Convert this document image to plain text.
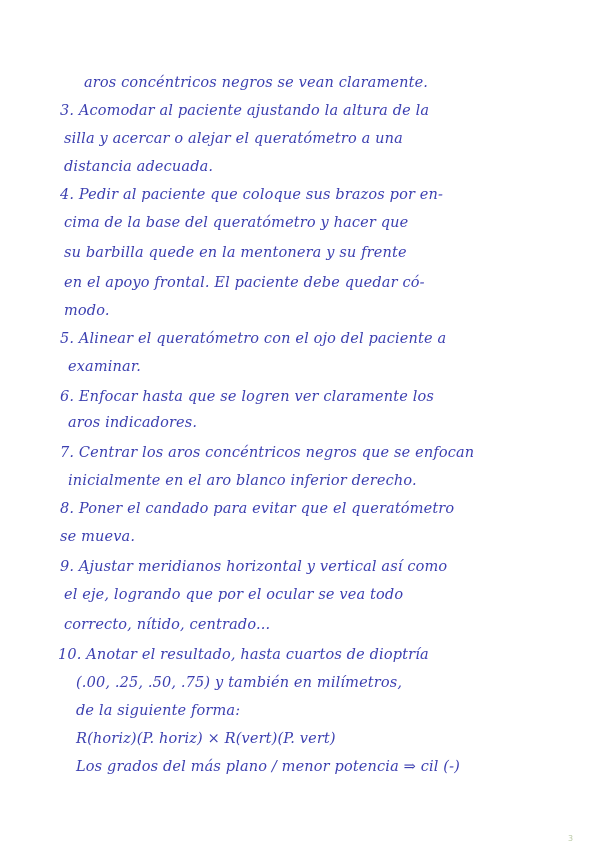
aros concéntricos negros se vean claramente.
3. Acomodar al paciente ajustando la altura de la
silla y acercar o alejar el queratómetro a una
distancia adecuada.
4. Pedir al paciente que coloque sus brazos por en-
cima de la base del queratómetro y hacer que
su barbilla quede en la mentonera y su frente
en el apoyo frontal. El paciente debe quedar có-
modo.
5. Alinear el queratómetro con el ojo del paciente a
examinar.
6. Enfocar hasta que se logren ver claramente los
aros indicadores.
7. Centrar los aros concéntricos negros que se enfocan
inicialmente en el aro blanco inferior derecho.
8. Poner el candado para evitar que el queratómetro
se mueva.
9. Ajustar meridianos horizontal y vertical así como
el eje, logrando que por el ocular se vea todo
correcto, nítido, centrado...
10. Anotar el resultado, hasta cuartos de dioptría
(.00, .25, .50, .75) y también en milímetros,
de la siguiente forma:
R(horiz)(P. horiz) × R(vert)(P. vert)
Los grados del más plano / menor potencia ⇒ cil (-)
3
